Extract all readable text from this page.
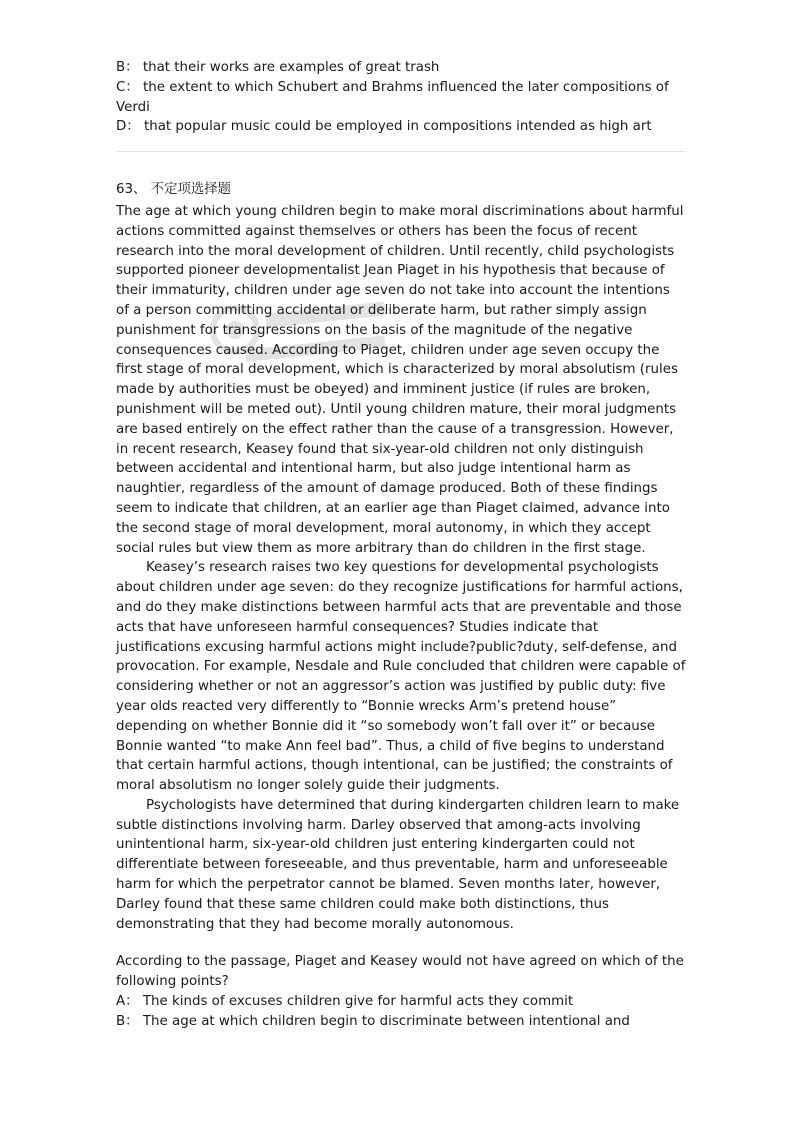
B： that their works are examples of great trash
C： the extent to which Schubert and Brahms influenced the later compositions of Verdi
D： that popular music could be employed in compositions intended as high art
63、 不定项选择题

The age at which young children begin to make moral discriminations about harmful actions committed against themselves or others has been the focus of recent research into the moral development of children. Until recently, child psychologists supported pioneer developmentalist Jean Piaget in his hypothesis that because of their immaturity, children under age seven do not take into account the intentions of a person committing accidental or deliberate harm, but rather simply assign punishment for transgressions on the basis of the magnitude of the negative consequences caused. According to Piaget, children under age seven occupy the first stage of moral development, which is characterized by moral absolutism (rules made by authorities must be obeyed) and imminent justice (if rules are broken, punishment will be meted out). Until young children mature, their moral judgments are based entirely on the effect rather than the cause of a transgression. However, in recent research, Keasey found that six-year-old children not only distinguish between accidental and intentional harm, but also judge intentional harm as naughtier, regardless of the amount of damage produced. Both of these findings seem to indicate that children, at an earlier age than Piaget claimed, advance into the second stage of moral development, moral autonomy, in which they accept social rules but view them as more arbitrary than do children in the first stage.

Keasey’s research raises two key questions for developmental psychologists about children under age seven: do they recognize justifications for harmful actions, and do they make distinctions between harmful acts that are preventable and those acts that have unforeseen harmful consequences? Studies indicate that justifications excusing harmful actions might include?public?duty, self-defense, and provocation. For example, Nesdale and Rule concluded that children were capable of considering whether or not an aggressor’s action was justified by public duty: five year olds reacted very differently to “Bonnie wrecks Arm’s pretend house” depending on whether Bonnie did it “so somebody won’t fall over it” or because Bonnie wanted “to make Ann feel bad”. Thus, a child of five begins to understand that certain harmful actions, though intentional, can be justified; the constraints of moral absolutism no longer solely guide their judgments.

Psychologists have determined that during kindergarten children learn to make subtle distinctions involving harm. Darley observed that among-acts involving unintentional harm, six-year-old children just entering kindergarten could not differentiate between foreseeable, and thus preventable, harm and unforeseeable harm for which the perpetrator cannot be blamed. Seven months later, however, Darley found that these same children could make both distinctions, thus demonstrating that they had become morally autonomous.

According to the passage, Piaget and Keasey would not have agreed on which of the following points?

A： The kinds of excuses children give for harmful acts they commit
B： The age at which children begin to discriminate between intentional and
